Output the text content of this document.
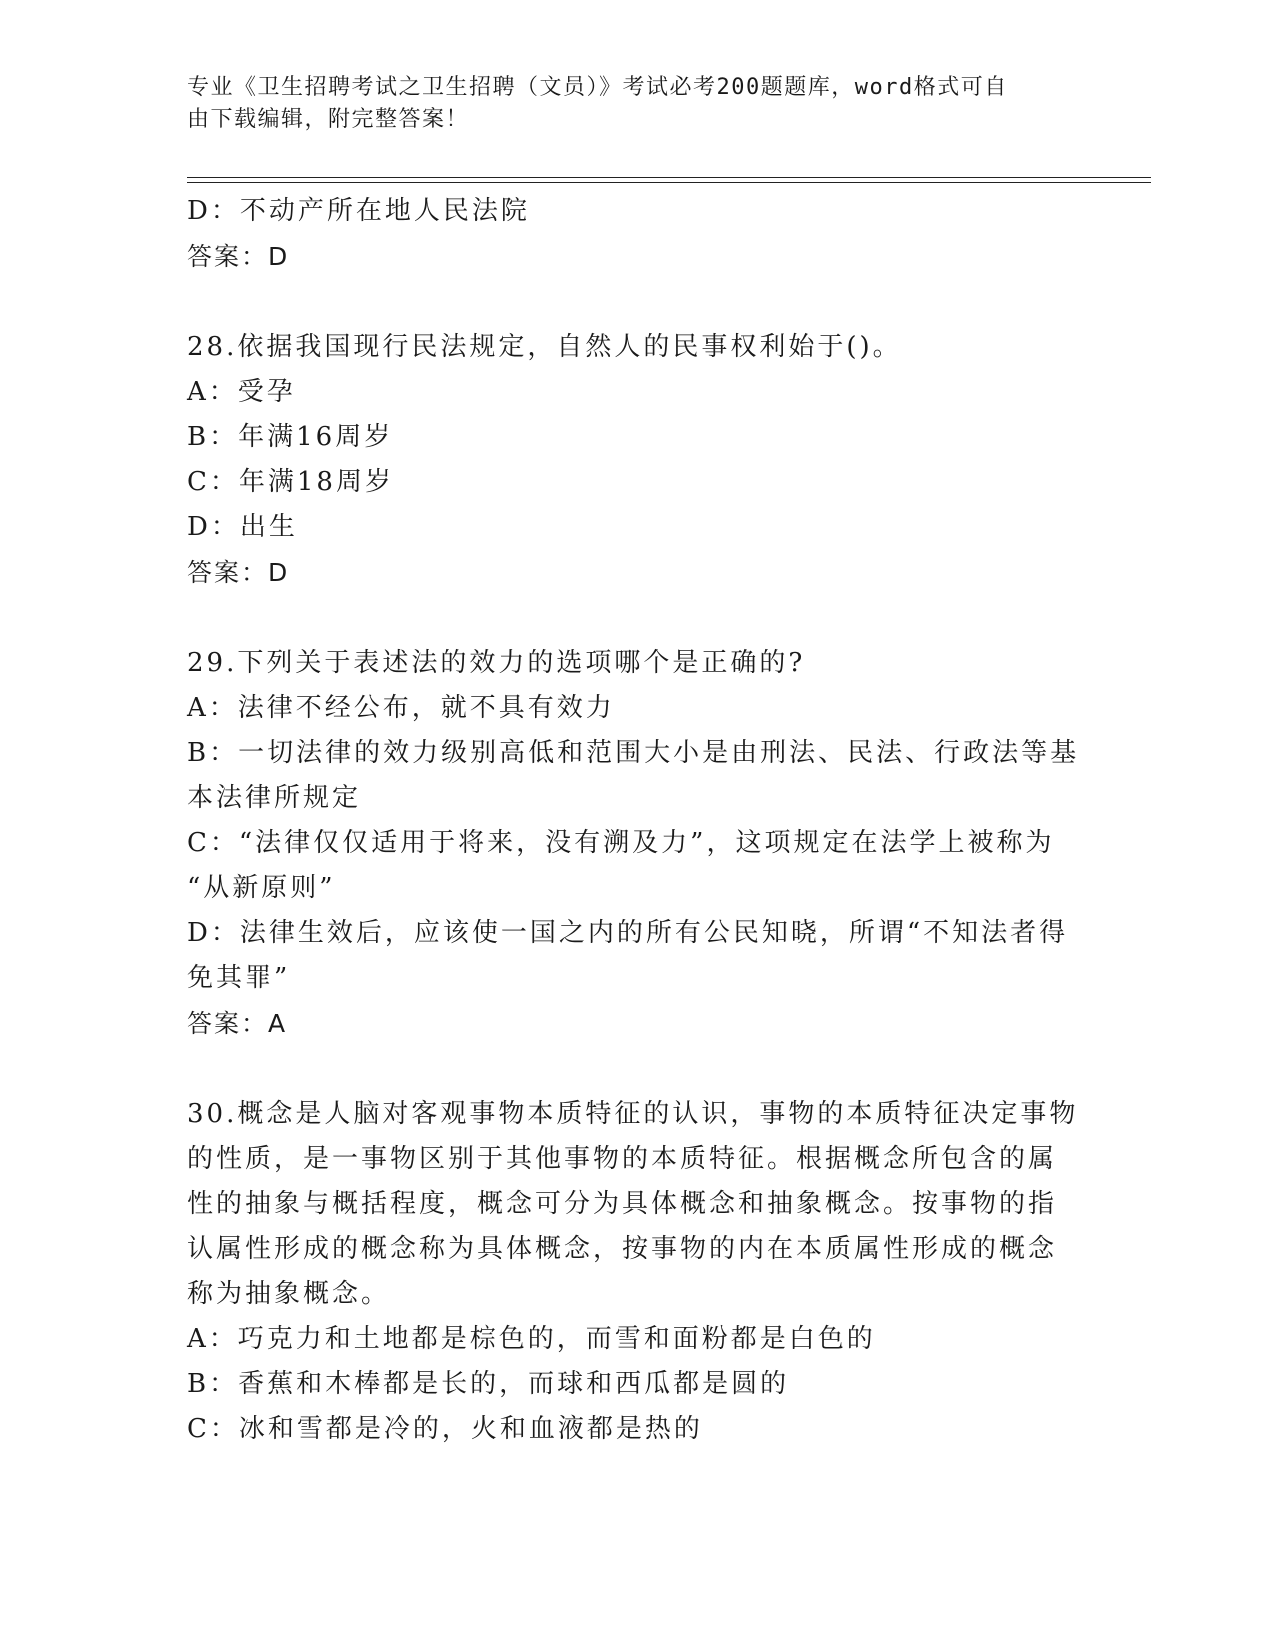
专业《卫生招聘考试之卫生招聘（文员）》考试必考200题题库，word格式可自
由下载编辑，附完整答案！

D：不动产所在地人民法院

答案：D

28.依据我国现行民法规定，自然人的民事权利始于()。

A：受孕

B：年满16周岁

C：年满18周岁

D：出生

答案：D

29.下列关于表述法的效力的选项哪个是正确的?

A：法律不经公布，就不具有效力

B：一切法律的效力级别高低和范围大小是由刑法、民法、行政法等基

本法律所规定

C：“法律仅仅适用于将来，没有溯及力”，这项规定在法学上被称为

“从新原则”

D：法律生效后，应该使一国之内的所有公民知晓，所谓“不知法者得

免其罪”

答案：A

30.概念是人脑对客观事物本质特征的认识，事物的本质特征决定事物

的性质，是一事物区别于其他事物的本质特征。根据概念所包含的属

性的抽象与概括程度，概念可分为具体概念和抽象概念。按事物的指

认属性形成的概念称为具体概念，按事物的内在本质属性形成的概念

称为抽象概念。

A：巧克力和土地都是棕色的，而雪和面粉都是白色的

B：香蕉和木棒都是长的，而球和西瓜都是圆的

C：冰和雪都是冷的，火和血液都是热的
